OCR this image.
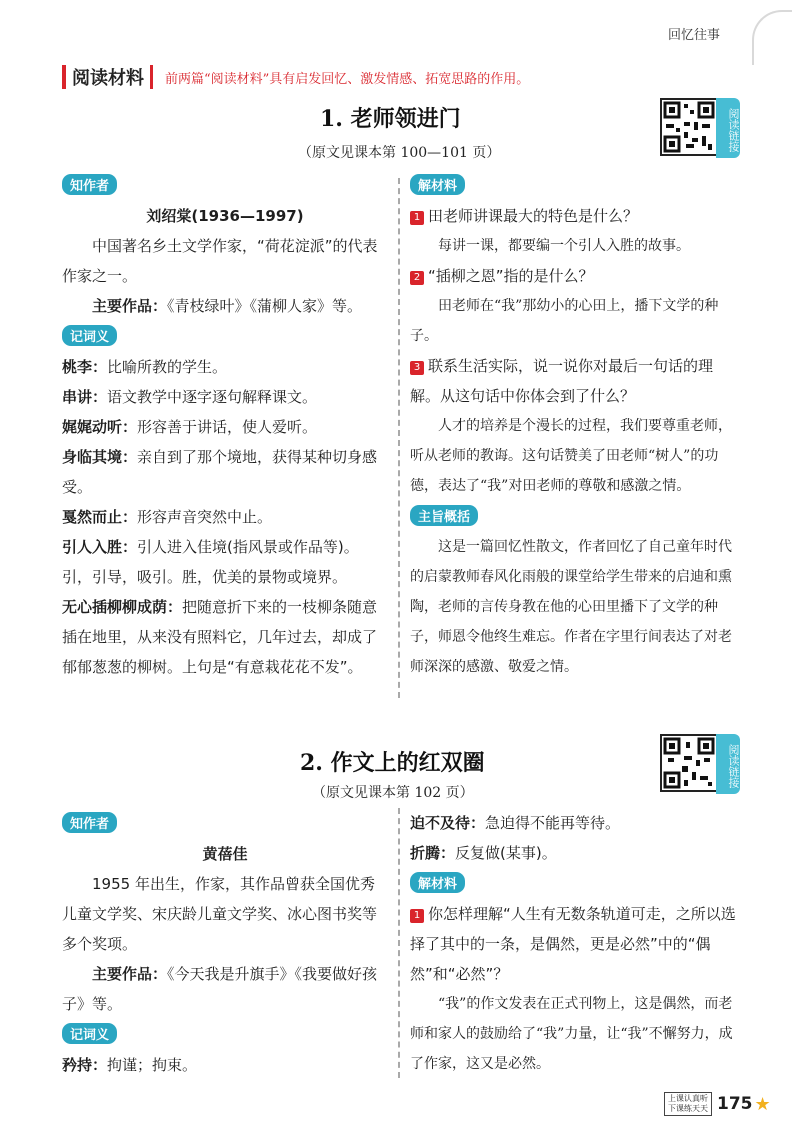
回忆往事
阅读材料 前两篇“阅读材料”具有启发回忆、激发情感、拓宽思路的作用。
1. 老师领进门
（原文见课本第 100—101 页）
阅读链接
知作者
刘绍棠(1936—1997)
中国著名乡土文学作家，“荷花淀派”的代表作家之一。
主要作品：《青枝绿叶》《蒲柳人家》等。
记词义
桃李：比喻所教的学生。
串讲：语文教学中逐字逐句解释课文。
娓娓动听：形容善于讲话，使人爱听。
身临其境：亲自到了那个境地，获得某种切身感受。
戛然而止：形容声音突然中止。
引人入胜：引人进入佳境(指风景或作品等)。引，引导，吸引。胜，优美的景物或境界。
无心插柳柳成荫：把随意折下来的一枝柳条随意插在地里，从来没有照料它，几年过去，却成了郁郁葱葱的柳树。上句是“有意栽花花不发”。
解材料
1 田老师讲课最大的特色是什么？
每讲一课，都要编一个引人入胜的故事。
2 “插柳之恩”指的是什么？
田老师在“我”那幼小的心田上，播下文学的种子。
3 联系生活实际，说一说你对最后一句话的理解。从这句话中你体会到了什么？
人才的培养是个漫长的过程，我们要尊重老师，听从老师的教诲。这句话赞美了田老师“树人”的功德，表达了“我”对田老师的尊敬和感激之情。
主旨概括
这是一篇回忆性散文，作者回忆了自己童年时代的启蒙教师春风化雨般的课堂给学生带来的启迪和熏陶，老师的言传身教在他的心田里播下了文学的种子，师恩令他终生难忘。作者在字里行间表达了对老师深深的感激、敬爱之情。
2. 作文上的红双圈
（原文见课本第 102 页）
阅读链接
知作者
黄蓓佳
1955 年出生，作家，其作品曾获全国优秀儿童文学奖、宋庆龄儿童文学奖、冰心图书奖等多个奖项。
主要作品：《今天我是升旗手》《我要做好孩子》等。
记词义
矜持：拘谨；拘束。
迫不及待：急迫得不能再等待。
折腾：反复做(某事)。
解材料
1 你怎样理解“人生有无数条轨道可走，之所以选择了其中的一条，是偶然，更是必然”中的“偶然”和“必然”？
“我”的作文发表在正式刊物上，这是偶然，而老师和家人的鼓励给了“我”力量，让“我”不懈努力，成了作家，这又是必然。
上课认真听
下课练天天 175 ★
